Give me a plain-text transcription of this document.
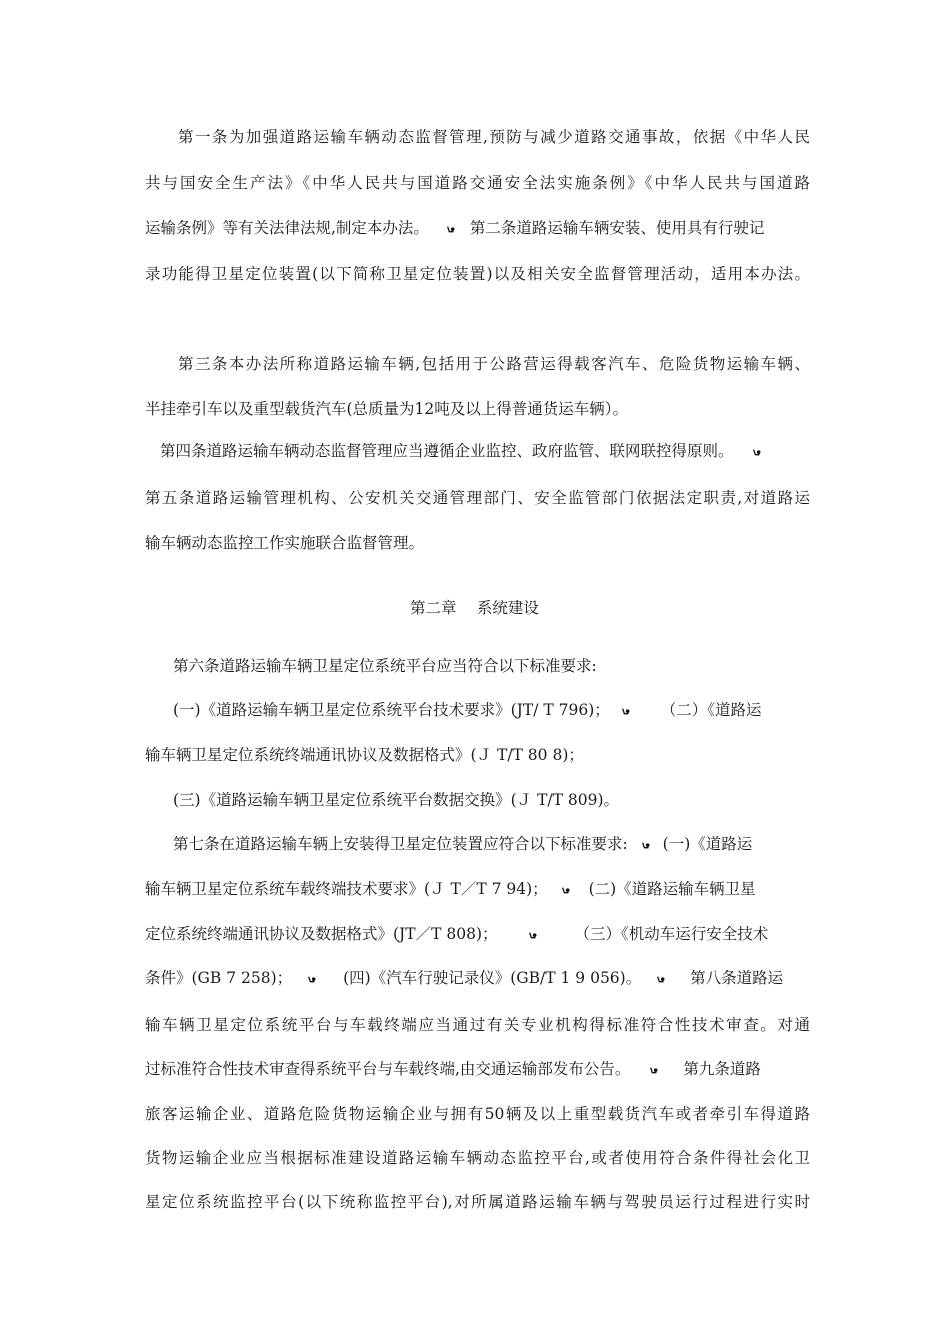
第一条为加强道路运输车辆动态监督管理,预防与减少道路交通事故，依据《中华人民
共与国安全生产法》《中华人民共与国道路交通安全法实施条例》《中华人民共与国道路
运输条例》等有关法律法规,制定本办法。	第二条道路运输车辆安装、使用具有行驶记
录功能得卫星定位装置(以下简称卫星定位装置)以及相关安全监督管理活动，适用本办法。
第三条本办法所称道路运输车辆,包括用于公路营运得载客汽车、危险货物运输车辆、
半挂牵引车以及重型载货汽车(总质量为12吨及以上得普通货运车辆）。
第四条道路运输车辆动态监督管理应当遵循企业监控、政府监管、联网联控得原则。
第五条道路运输管理机构、公安机关交通管理部门、安全监管部门依据法定职责,对道路运
输车辆动态监控工作实施联合监督管理。
第二章　 系统建设
第六条道路运输车辆卫星定位系统平台应当符合以下标准要求:
(一)《道路运输车辆卫星定位系统平台技术要求》(JT/ T 796)；	（二）《道路运
输车辆卫星定位系统终端通讯协议及数据格式》(Ｊ T/T 80 8)；
(三)《道路运输车辆卫星定位系统平台数据交换》(Ｊ T/T 809)。
第七条在道路运输车辆上安装得卫星定位装置应符合以下标准要求: (一)《道路运
输车辆卫星定位系统车载终端技术要求》(Ｊ T／T 7 94)；	(二)《道路运输车辆卫星
定位系统终端通讯协议及数据格式》(JT／T 808)；	（三）《机动车运行安全技术
条件》(GB 7 258)；	(四)《汽车行驶记录仪》(GB/T 1 9 056)。	第八条道路运
输车辆卫星定位系统平台与车载终端应当通过有关专业机构得标准符合性技术审查。对通
过标准符合性技术审查得系统平台与车载终端,由交通运输部发布公告。	第九条道路
旅客运输企业、道路危险货物运输企业与拥有50辆及以上重型载货汽车或者牵引车得道路
货物运输企业应当根据标准建设道路运输车辆动态监控平台,或者使用符合条件得社会化卫
星定位系统监控平台(以下统称监控平台),对所属道路运输车辆与驾驶员运行过程进行实时
